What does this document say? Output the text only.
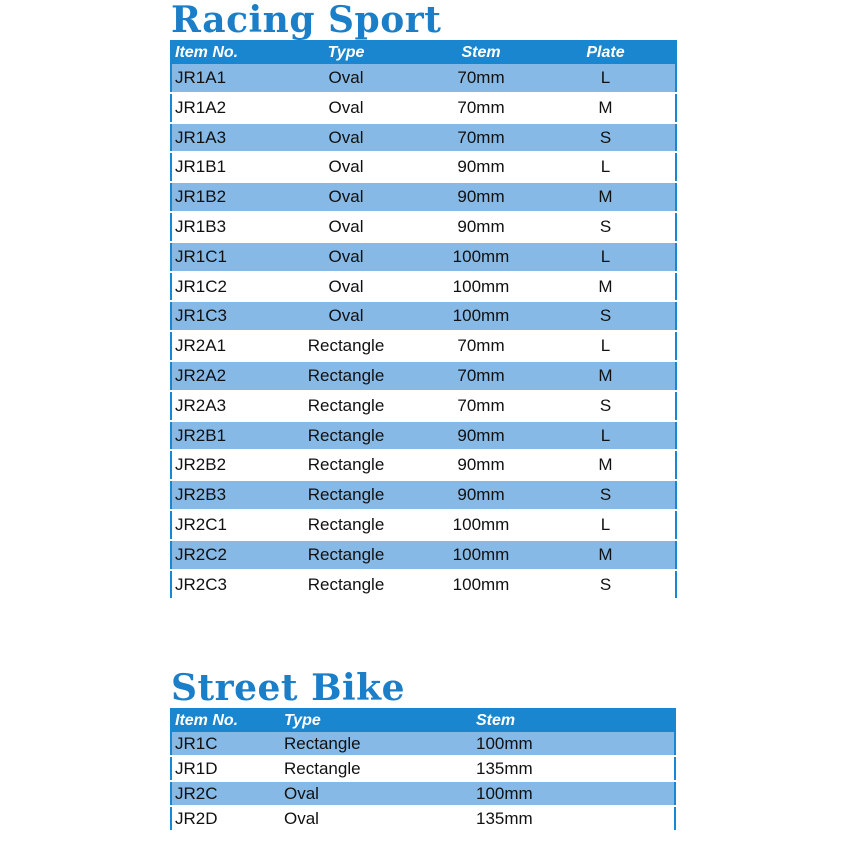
Racing Sport
Item No.	Type	Stem	Plate
JR1A1	Oval	70mm	L
JR1A2	Oval	70mm	M
JR1A3	Oval	70mm	S
JR1B1	Oval	90mm	L
JR1B2	Oval	90mm	M
JR1B3	Oval	90mm	S
JR1C1	Oval	100mm	L
JR1C2	Oval	100mm	M
JR1C3	Oval	100mm	S
JR2A1	Rectangle	70mm	L
JR2A2	Rectangle	70mm	M
JR2A3	Rectangle	70mm	S
JR2B1	Rectangle	90mm	L
JR2B2	Rectangle	90mm	M
JR2B3	Rectangle	90mm	S
JR2C1	Rectangle	100mm	L
JR2C2	Rectangle	100mm	M
JR2C3	Rectangle	100mm	S
Street Bike
Item No.	Type	Stem
JR1C	Rectangle	100mm
JR1D	Rectangle	135mm
JR2C	Oval	100mm
JR2D	Oval	135mm
